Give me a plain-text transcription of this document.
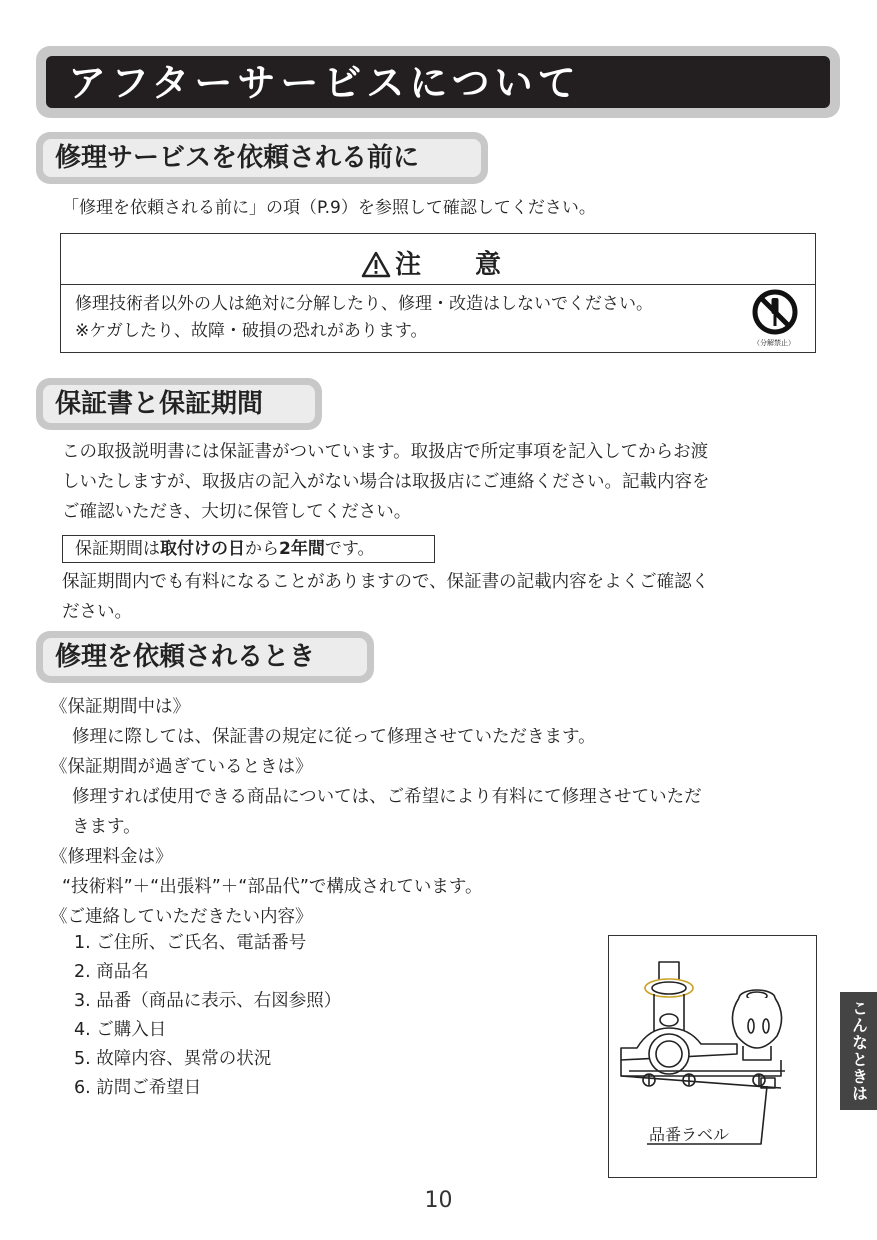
アフターサービスについて
修理サービスを依頼される前に
「修理を依頼される前に」の項（P.9）を参照して確認してください。
注　意
修理技術者以外の人は絶対に分解したり、修理・改造はしないでください。
※ケガしたり、故障・破損の恐れがあります。
（分解禁止）
保証書と保証期間
この取扱説明書には保証書がついています。取扱店で所定事項を記入してからお渡
しいたしますが、取扱店の記入がない場合は取扱店にご連絡ください。記載内容を
ご確認いただき、大切に保管してください。
保証期間は取付けの日から2年間です。
保証期間内でも有料になることがありますので、保証書の記載内容をよくご確認く
ださい。
修理を依頼されるとき
《保証期間中は》
修理に際しては、保証書の規定に従って修理させていただきます。
《保証期間が過ぎているときは》
修理すれば使用できる商品については、ご希望により有料にて修理させていただ
きます。
《修理料金は》
“技術料”＋“出張料”＋“部品代”で構成されています。
《ご連絡していただきたい内容》
1. ご住所、ご氏名、電話番号
2. 商品名
3. 品番（商品に表示、右図参照）
4. ご購入日
5. 故障内容、異常の状況
6. 訪問ご希望日
品番ラベル
こんなときは
10
